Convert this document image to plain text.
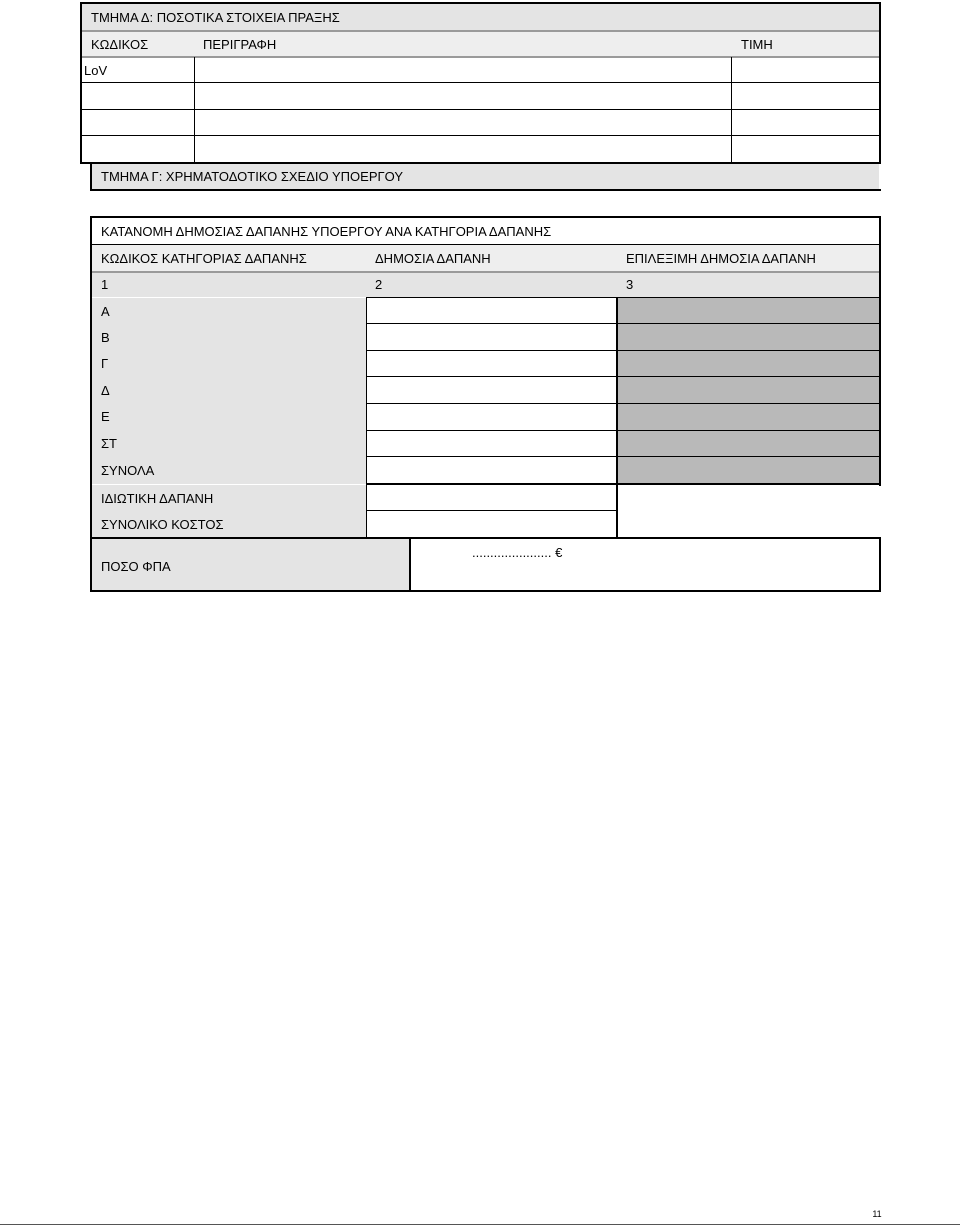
ΤΜΗΜΑ Δ: ΠΟΣΟΤΙΚΑ ΣΤΟΙΧΕΙΑ ΠΡΑΞΗΣ
ΚΩΔΙΚΟΣ	ΠΕΡΙΓΡΑΦΗ	ΤΙΜΗ
LoV
ΤΜΗΜΑ Γ: ΧΡΗΜΑΤΟΔΟΤΙΚΟ ΣΧΕΔΙΟ ΥΠΟΕΡΓΟΥ
ΚΑΤΑΝΟΜΗ ΔΗΜΟΣΙΑΣ ΔΑΠΑΝΗΣ ΥΠΟΕΡΓΟΥ ΑΝΑ ΚΑΤΗΓΟΡΙΑ ΔΑΠΑΝΗΣ
ΚΩΔΙΚΟΣ ΚΑΤΗΓΟΡΙΑΣ ΔΑΠΑΝΗΣ	ΔΗΜΟΣΙΑ ΔΑΠΑΝΗ	ΕΠΙΛΕΞΙΜΗ ΔΗΜΟΣΙΑ ΔΑΠΑΝΗ
1	2	3
Α
Β
Γ
Δ
Ε
ΣΤ
ΣΥΝΟΛΑ
ΙΔΙΩΤΙΚΗ ΔΑΠΑΝΗ
ΣΥΝΟΛΙΚΟ ΚΟΣΤΟΣ
ΠΟΣΟ ΦΠΑ
...................... €
11
